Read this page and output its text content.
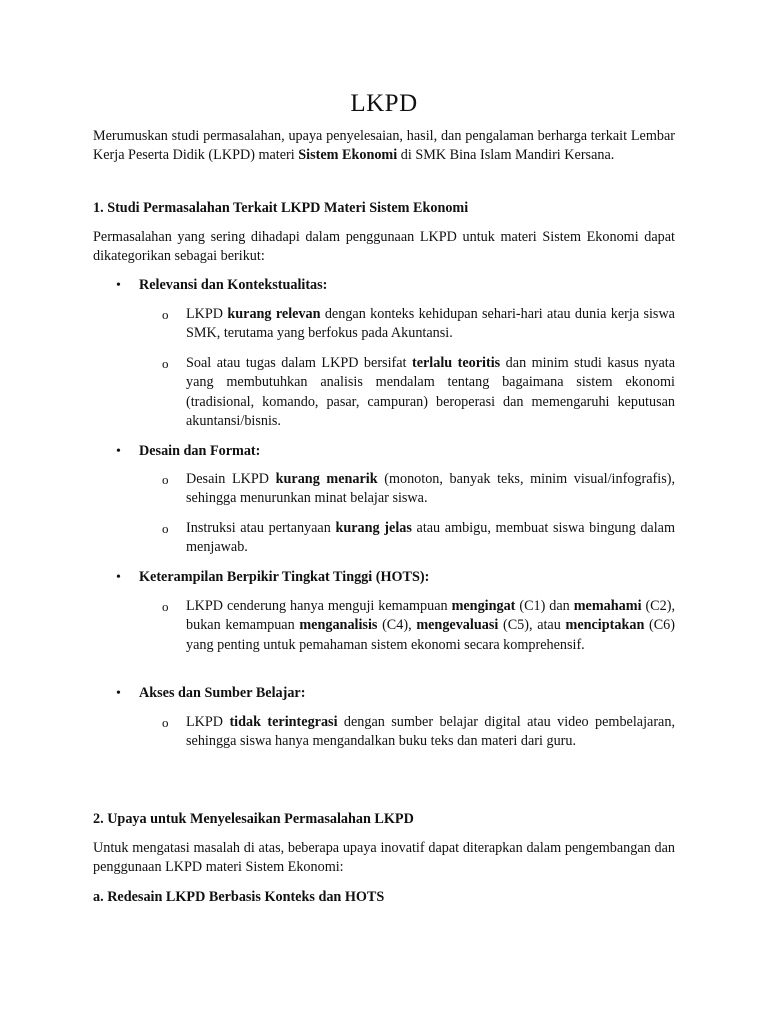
LKPD

Merumuskan studi permasalahan, upaya penyelesaian, hasil, dan pengalaman berharga terkait Lembar Kerja Peserta Didik (LKPD) materi Sistem Ekonomi di SMK Bina Islam Mandiri Kersana.

1. Studi Permasalahan Terkait LKPD Materi Sistem Ekonomi

Permasalahan yang sering dihadapi dalam penggunaan LKPD untuk materi Sistem Ekonomi dapat dikategorikan sebagai berikut:

• Relevansi dan Kontekstualitas:
o LKPD kurang relevan dengan konteks kehidupan sehari-hari atau dunia kerja siswa SMK, terutama yang berfokus pada Akuntansi.

o Soal atau tugas dalam LKPD bersifat terlalu teoritis dan minim studi kasus nyata yang membutuhkan analisis mendalam tentang bagaimana sistem ekonomi (tradisional, komando, pasar, campuran) beroperasi dan memengaruhi keputusan akuntansi/bisnis.

• Desain dan Format:
o Desain LKPD kurang menarik (monoton, banyak teks, minim visual/infografis), sehingga menurunkan minat belajar siswa.

o Instruksi atau pertanyaan kurang jelas atau ambigu, membuat siswa bingung dalam menjawab.

• Keterampilan Berpikir Tingkat Tinggi (HOTS):
o LKPD cenderung hanya menguji kemampuan mengingat (C1) dan memahami (C2), bukan kemampuan menganalisis (C4), mengevaluasi (C5), atau menciptakan (C6) yang penting untuk pemahaman sistem ekonomi secara komprehensif.

• Akses dan Sumber Belajar:
o LKPD tidak terintegrasi dengan sumber belajar digital atau video pembelajaran, sehingga siswa hanya mengandalkan buku teks dan materi dari guru.

2. Upaya untuk Menyelesaikan Permasalahan LKPD

Untuk mengatasi masalah di atas, beberapa upaya inovatif dapat diterapkan dalam pengembangan dan penggunaan LKPD materi Sistem Ekonomi:

a. Redesain LKPD Berbasis Konteks dan HOTS
